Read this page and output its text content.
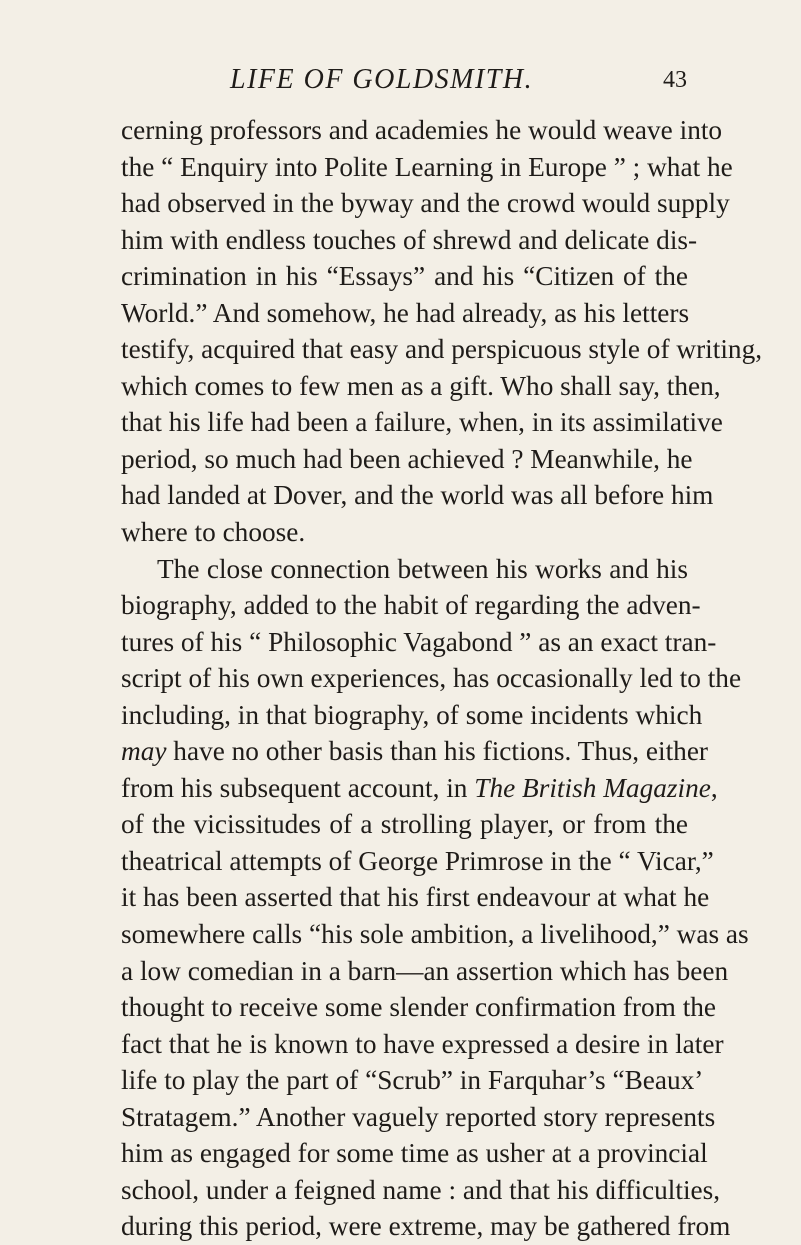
LIFE OF GOLDSMITH.	43
cerning professors and academies he would weave into
the “ Enquiry into Polite Learning in Europe ” ; what he
had observed in the byway and the crowd would supply
him with endless touches of shrewd and delicate dis-
crimination in his “Essays” and his “Citizen of the
World.” And somehow, he had already, as his letters
testify, acquired that easy and perspicuous style of writing,
which comes to few men as a gift. Who shall say, then,
that his life had been a failure, when, in its assimilative
period, so much had been achieved ? Meanwhile, he
had landed at Dover, and the world was all before him
where to choose.
The close connection between his works and his
biography, added to the habit of regarding the adven-
tures of his “ Philosophic Vagabond ” as an exact tran-
script of his own experiences, has occasionally led to the
including, in that biography, of some incidents which
may have no other basis than his fictions. Thus, either
from his subsequent account, in The British Magazine,
of the vicissitudes of a strolling player, or from the
theatrical attempts of George Primrose in the “ Vicar,”
it has been asserted that his first endeavour at what he
somewhere calls “his sole ambition, a livelihood,” was as
a low comedian in a barn—an assertion which has been
thought to receive some slender confirmation from the
fact that he is known to have expressed a desire in later
life to play the part of “Scrub” in Farquhar’s “Beaux’
Stratagem.” Another vaguely reported story represents
him as engaged for some time as usher at a provincial
school, under a feigned name : and that his difficulties,
during this period, were extreme, may be gathered from
